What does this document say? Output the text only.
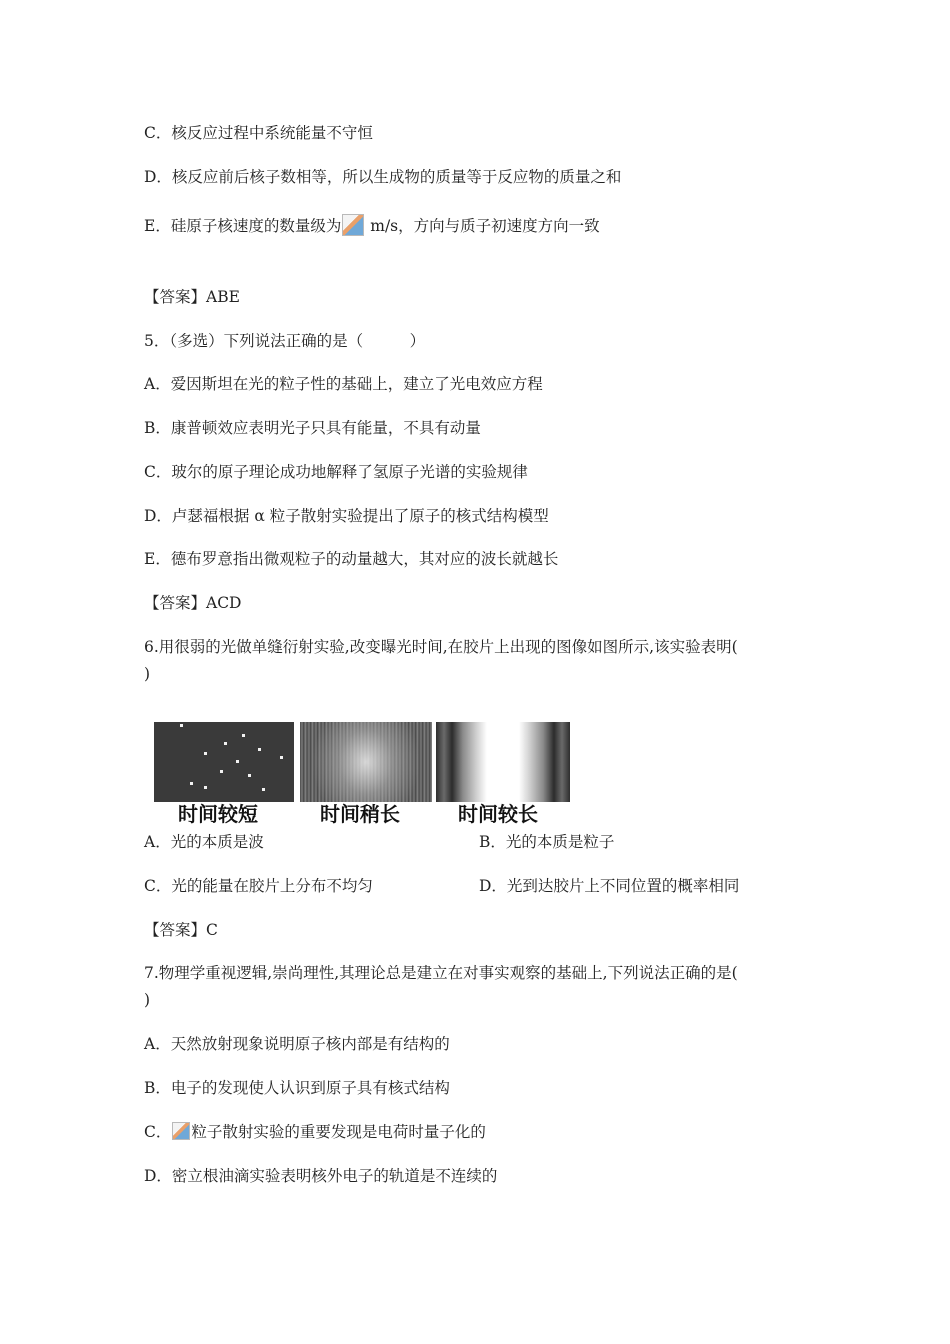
C．核反应过程中系统能量不守恒
D．核反应前后核子数相等，所以生成物的质量等于反应物的质量之和
E．硅原子核速度的数量级为 m/s，方向与质子初速度方向一致
【答案】ABE
5．（多选）下列说法正确的是（　　　）
A．爱因斯坦在光的粒子性的基础上，建立了光电效应方程
B．康普顿效应表明光子只具有能量，不具有动量
C．玻尔的原子理论成功地解释了氢原子光谱的实验规律
D．卢瑟福根据 α 粒子散射实验提出了原子的核式结构模型
E．德布罗意指出微观粒子的动量越大，其对应的波长就越长
【答案】ACD
6.用很弱的光做单缝衍射实验,改变曝光时间,在胶片上出现的图像如图所示,该实验表明(
)
时间较短	时间稍长	时间较长
A．光的本质是波	B．光的本质是粒子
C．光的能量在胶片上分布不均匀	D．光到达胶片上不同位置的概率相同
【答案】C
7.物理学重视逻辑,崇尚理性,其理论总是建立在对事实观察的基础上,下列说法正确的是(
)
A．天然放射现象说明原子核内部是有结构的
B．电子的发现使人认识到原子具有核式结构
C． 粒子散射实验的重要发现是电荷时量子化的
D．密立根油滴实验表明核外电子的轨道是不连续的
